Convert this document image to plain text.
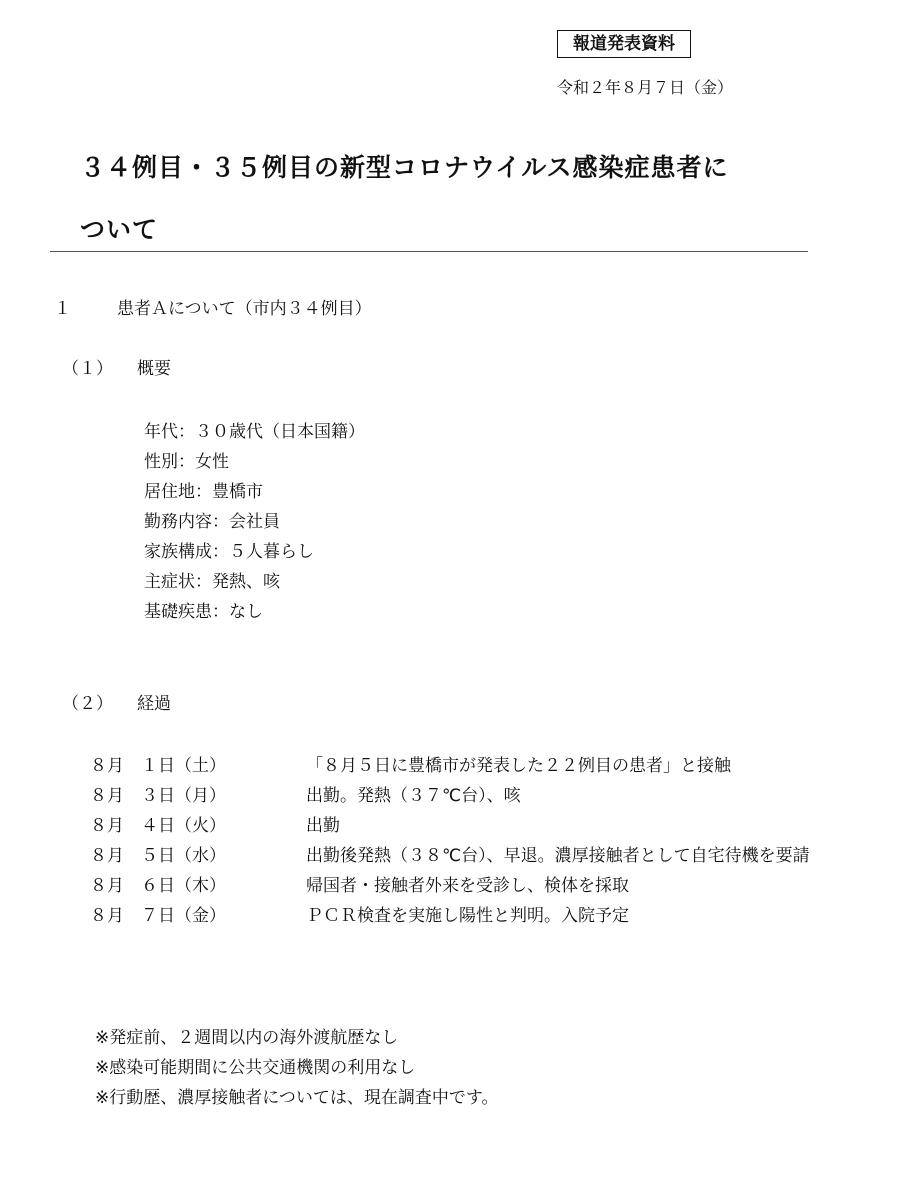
報道発表資料
令和２年８月７日（金）
３４例目・３５例目の新型コロナウイルス感染症患者に
ついて
１	患者Ａについて（市内３４例目）
（１） 概要
年代：３０歳代（日本国籍）
性別：女性
居住地：豊橋市
勤務内容：会社員
家族構成：５人暮らし
主症状：発熱、咳
基礎疾患：なし
（２） 経過
８月　１日（土）	「８月５日に豊橋市が発表した２２例目の患者」と接触
８月　３日（月）	出勤。発熱（３７℃台）、咳
８月　４日（火）	出勤
８月　５日（水）	出勤後発熱（３８℃台）、早退。濃厚接触者として自宅待機を要請
８月　６日（木）	帰国者・接触者外来を受診し、検体を採取
８月　７日（金）	ＰＣＲ検査を実施し陽性と判明。入院予定
※発症前、２週間以内の海外渡航歴なし
※感染可能期間に公共交通機関の利用なし
※行動歴、濃厚接触者については、現在調査中です。
